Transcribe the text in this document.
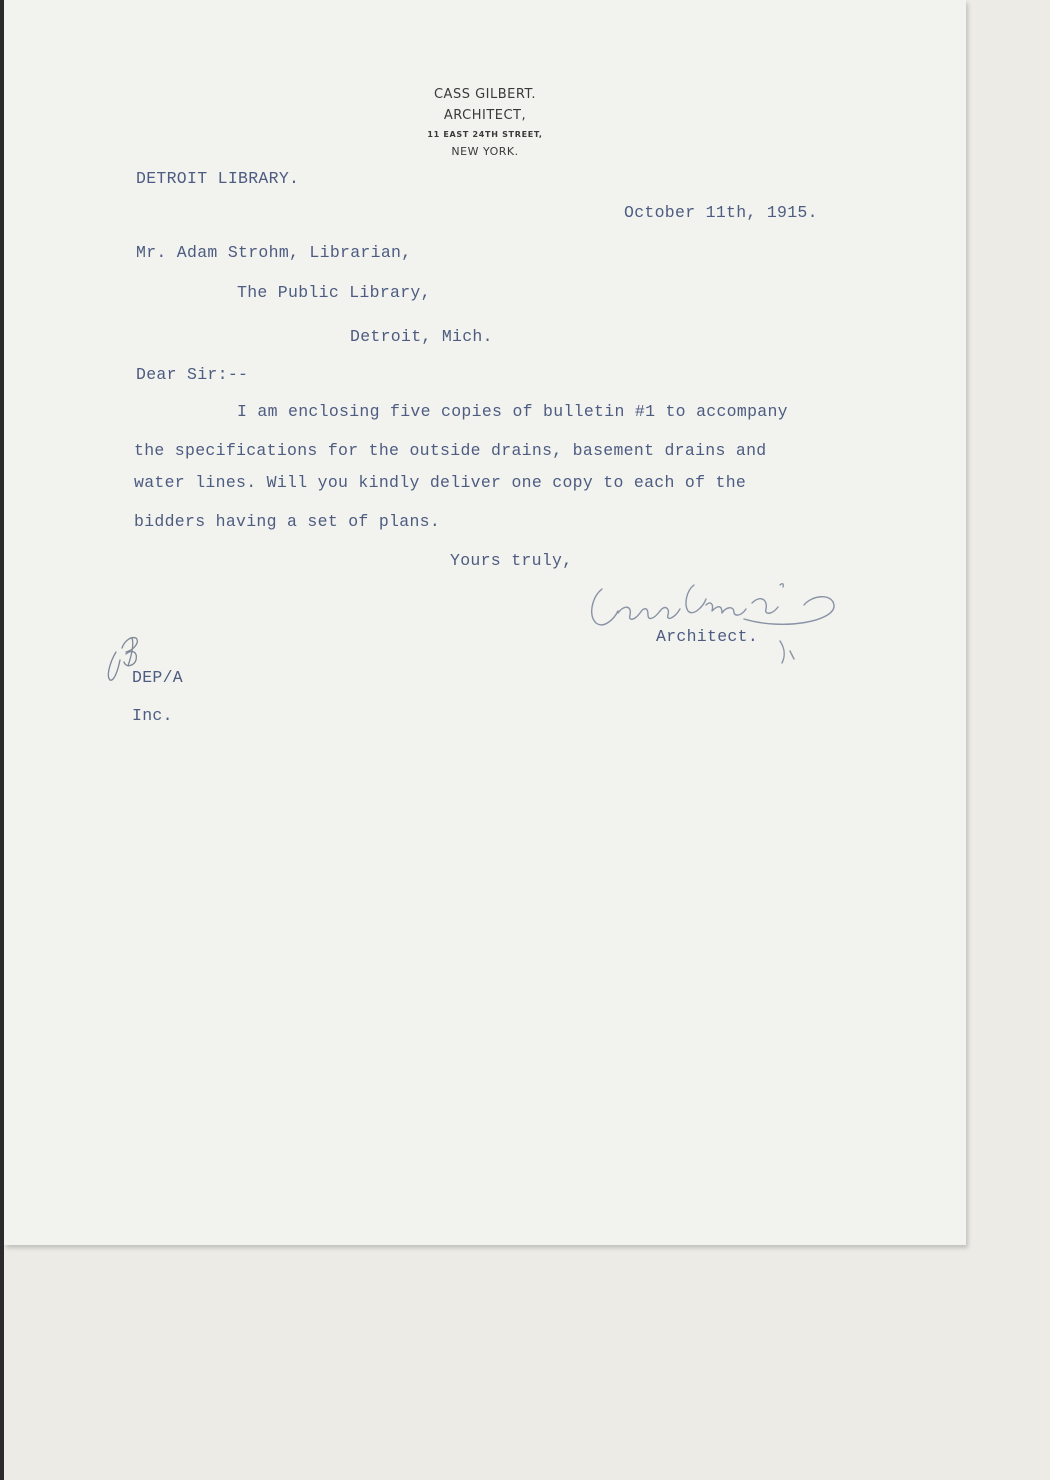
CASS GILBERT.
ARCHITECT,
11 EAST 24TH STREET,
NEW YORK.
DETROIT LIBRARY.
October 11th, 1915.
Mr. Adam Strohm, Librarian,
The Public Library,
Detroit, Mich.
Dear Sir:--
I am enclosing five copies of bulletin #1 to accompany
the specifications for the outside drains, basement drains and
water lines. Will you kindly deliver one copy to each of the
bidders having a set of plans.
Yours truly,
Architect.
DEP/A
Inc.
